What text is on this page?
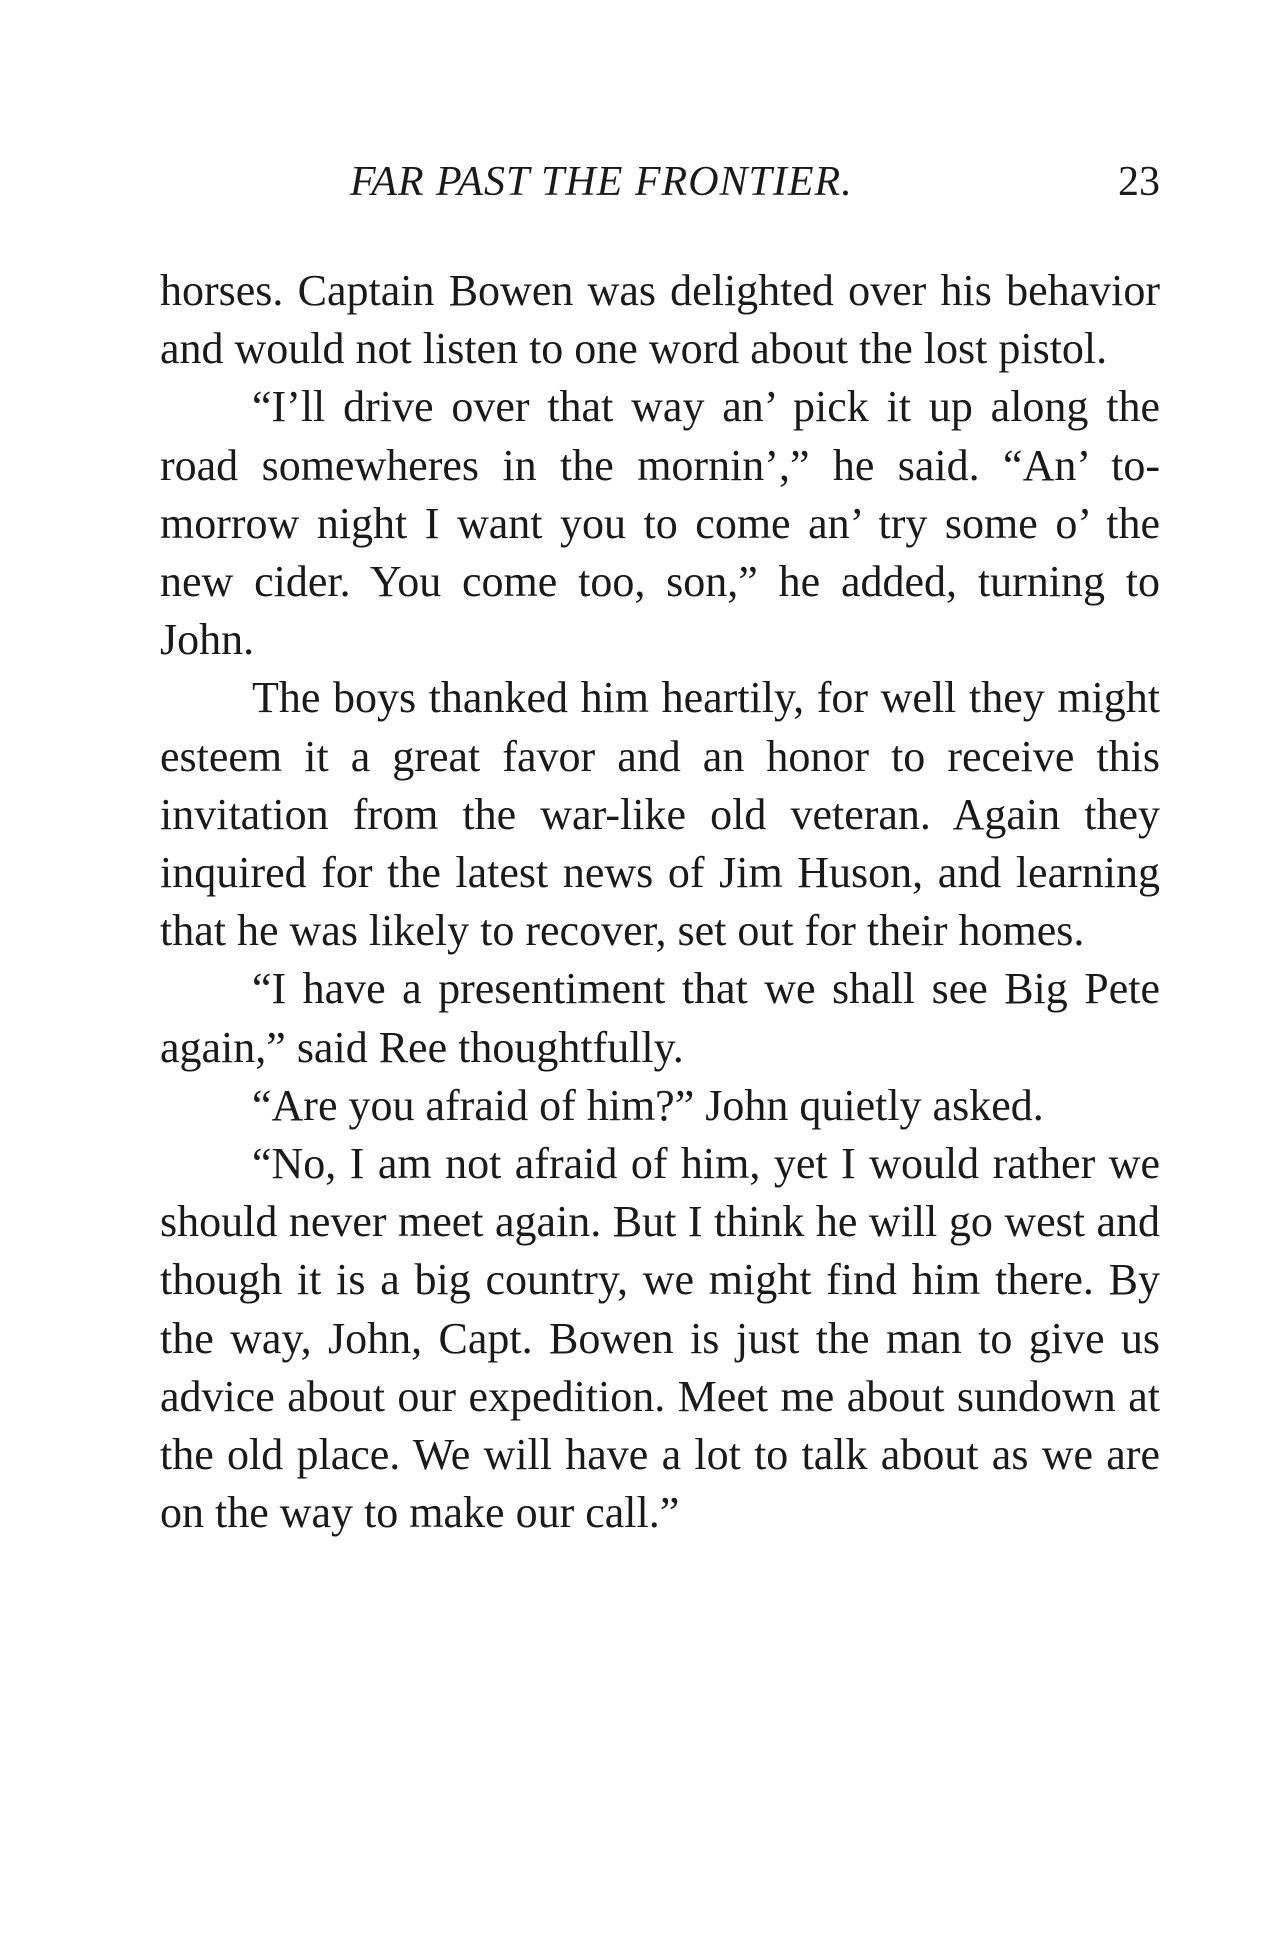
FAR PAST THE FRONTIER.	23

horses. Captain Bowen was delighted over his behavior and would not listen to one word about the lost pistol.

“I’ll drive over that way an’ pick it up along the road somewheres in the mornin’,” he said. “An’ to-morrow night I want you to come an’ try some o’ the new cider. You come too, son,” he added, turning to John.

The boys thanked him heartily, for well they might esteem it a great favor and an honor to receive this invitation from the war-like old veteran. Again they inquired for the latest news of Jim Huson, and learning that he was likely to recover, set out for their homes.

“I have a presentiment that we shall see Big Pete again,” said Ree thoughtfully.

“Are you afraid of him?” John quietly asked.

“No, I am not afraid of him, yet I would rather we should never meet again. But I think he will go west and though it is a big country, we might find him there. By the way, John, Capt. Bowen is just the man to give us advice about our expedition. Meet me about sundown at the old place. We will have a lot to talk about as we are on the way to make our call.”
